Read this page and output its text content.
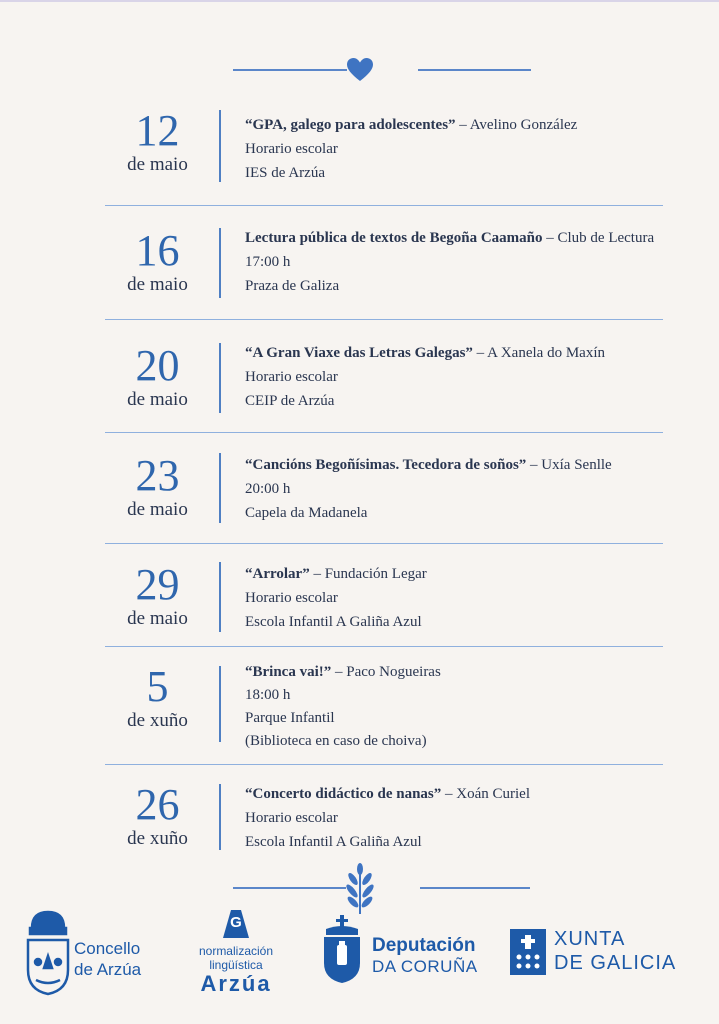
12
de maio
“GPA, galego para adolescentes” – Avelino González
Horario escolar
IES de Arzúa
16
de maio
Lectura pública de textos de Begoña Caamaño – Club de Lectura
17:00 h
Praza de Galiza
20
de maio
“A Gran Viaxe das Letras Galegas” – A Xanela do Maxín
Horario escolar
CEIP de Arzúa
23
de maio
“Cancións Begoñísimas. Tecedora de soños” – Uxía Senlle
20:00 h
Capela da Madanela
29
de maio
“Arrolar” – Fundación Legar
Horario escolar
Escola Infantil A Galiña Azul
5
de xuño
“Brinca vai!” – Paco Nogueiras
18:00 h
Parque Infantil
(Biblioteca en caso de choiva)
26
de xuño
“Concerto didáctico de nanas” – Xoán Curiel
Horario escolar
Escola Infantil A Galiña Azul
Concello
de Arzúa
G
normalización
lingüística
Arzúa
Deputación
DA CORUÑA
XUNTA
DE GALICIA
